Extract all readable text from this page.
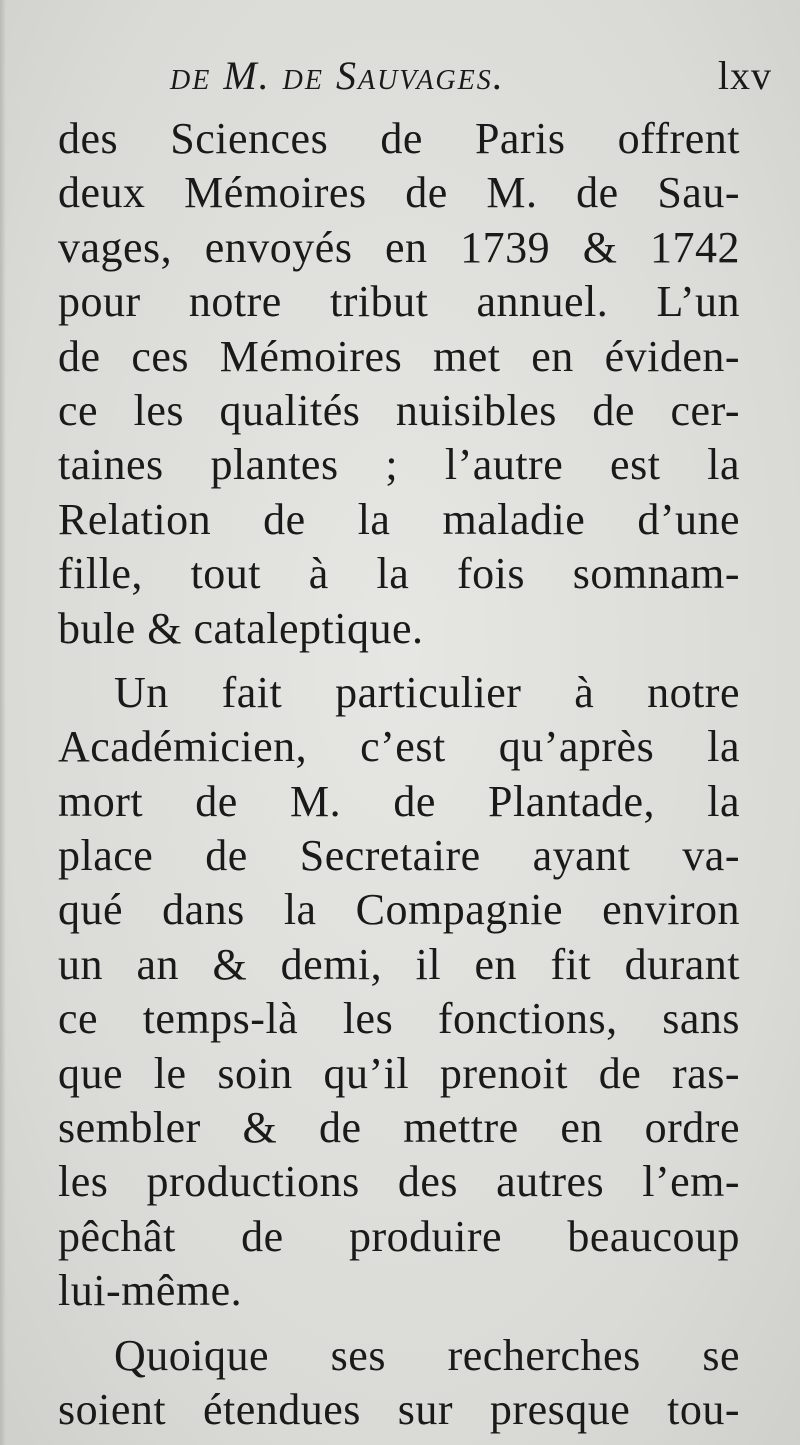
de M. de Sauvages.	lxv
des Sciences de Paris offrent
deux Mémoires de M. de Sau-
vages, envoyés en 1739 & 1742
pour notre tribut annuel. L’un
de ces Mémoires met en éviden-
ce les qualités nuisibles de cer-
taines plantes ; l’autre est la
Relation de la maladie d’une
fille, tout à la fois somnam-
bule & cataleptique.
Un fait particulier à notre
Académicien, c’est qu’après la
mort de M. de Plantade, la
place de Secretaire ayant va-
qué dans la Compagnie environ
un an & demi, il en fit durant
ce temps-là les fonctions, sans
que le soin qu’il prenoit de ras-
sembler & de mettre en ordre
les productions des autres l’em-
pêchât de produire beaucoup
lui-même.
Quoique ses recherches se
soient étendues sur presque tou-
